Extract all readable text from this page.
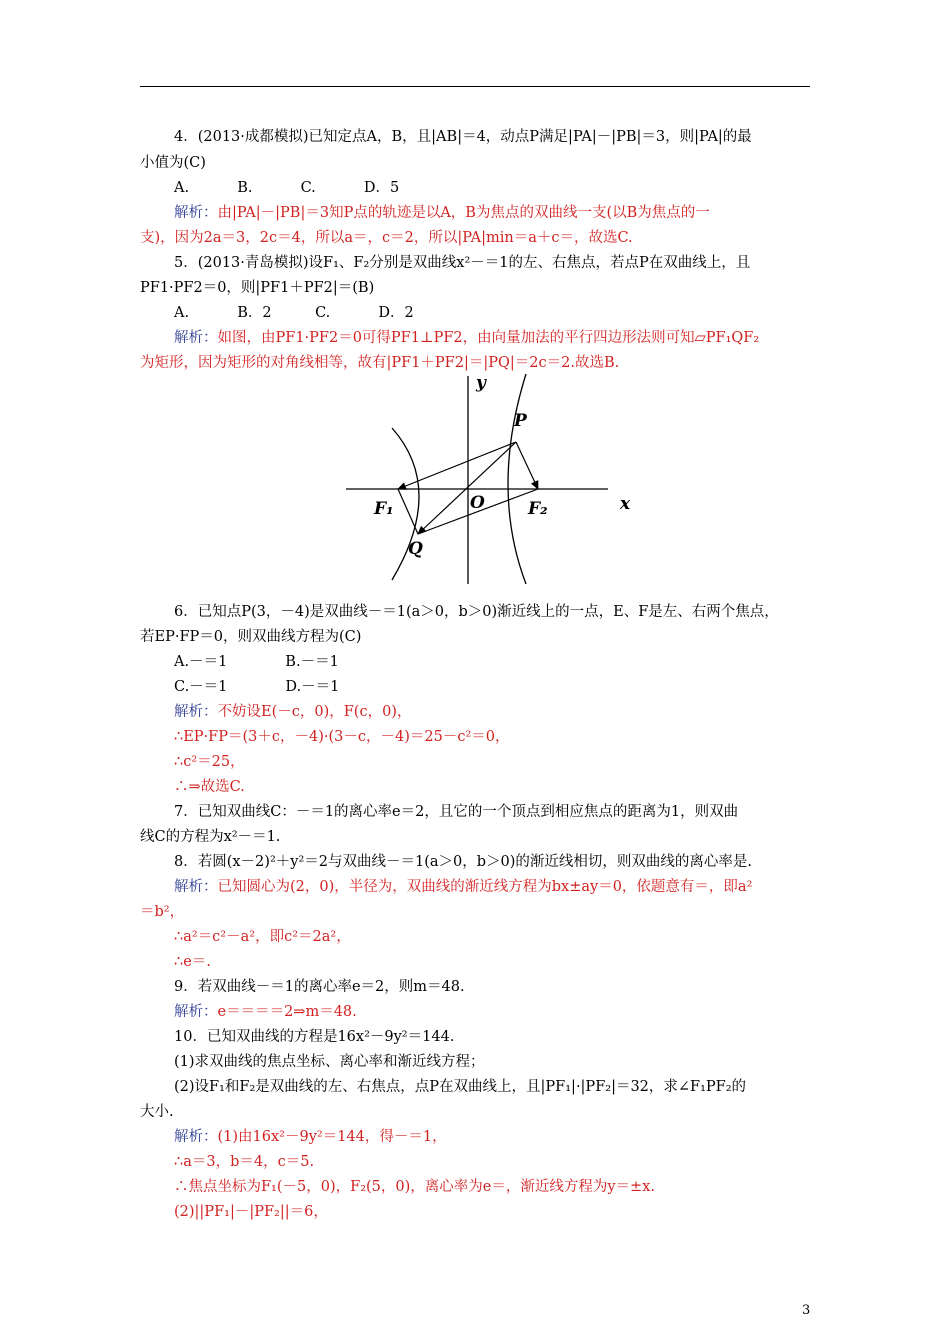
4．(2013·成都模拟)已知定点A，B，且|AB|＝4，动点P满足|PA|－|PB|＝3，则|PA|的最
小值为(C)
A.　　　 B.　　　 C.　　　 D．5
解析：由|PA|－|PB|＝3知P点的轨迹是以A，B为焦点的双曲线一支(以B为焦点的一
支)，因为2a＝3，2c＝4，所以a＝，c＝2，所以|PA|min＝a＋c＝，故选C.
5．(2013·青岛模拟)设F₁、F₂分别是双曲线x²－＝1的左、右焦点，若点P在双曲线上，且
PF1·PF2＝0，则|PF1＋PF2|＝(B)
A.　　　 B．2　　　C.　　　 D．2
解析：如图，由PF1·PF2＝0可得PF1⊥PF2，由向量加法的平行四边形法则可知▱PF₁QF₂
为矩形，因为矩形的对角线相等，故有|PF1＋PF2|＝|PQ|＝2c＝2.故选B.
y
x
P
O
F₁	F₂
Q
6．已知点P(3，－4)是双曲线－＝1(a＞0，b＞0)渐近线上的一点，E、F是左、右两个焦点，
若EP·FP＝0，则双曲线方程为(C)
A.－＝1　　　　B.－＝1
C.－＝1　　　　D.－＝1
解析：不妨设E(－c，0)，F(c，0)，
∴EP·FP＝(3＋c，－4)·(3－c，－4)＝25－c²＝0，
∴c²＝25，
∴⇒故选C.
7．已知双曲线C：－＝1的离心率e＝2，且它的一个顶点到相应焦点的距离为1，则双曲
线C的方程为x²－＝1.
8．若圆(x－2)²＋y²＝2与双曲线－＝1(a＞0，b＞0)的渐近线相切，则双曲线的离心率是.
解析：已知圆心为(2，0)，半径为，双曲线的渐近线方程为bx±ay＝0，依题意有＝，即a²
＝b²，
∴a²＝c²－a²，即c²＝2a²，
∴e＝.
9．若双曲线－＝1的离心率e＝2，则m＝48.
解析：e＝＝＝＝2⇒m＝48.
10．已知双曲线的方程是16x²－9y²＝144.
(1)求双曲线的焦点坐标、离心率和渐近线方程；
(2)设F₁和F₂是双曲线的左、右焦点，点P在双曲线上，且|PF₁|·|PF₂|＝32，求∠F₁PF₂的
大小.
解析：(1)由16x²－9y²＝144，得－＝1，
∴a＝3，b＝4，c＝5.
∴焦点坐标为F₁(－5，0)，F₂(5，0)，离心率为e＝，渐近线方程为y＝±x.
(2)||PF₁|－|PF₂||＝6，
3
